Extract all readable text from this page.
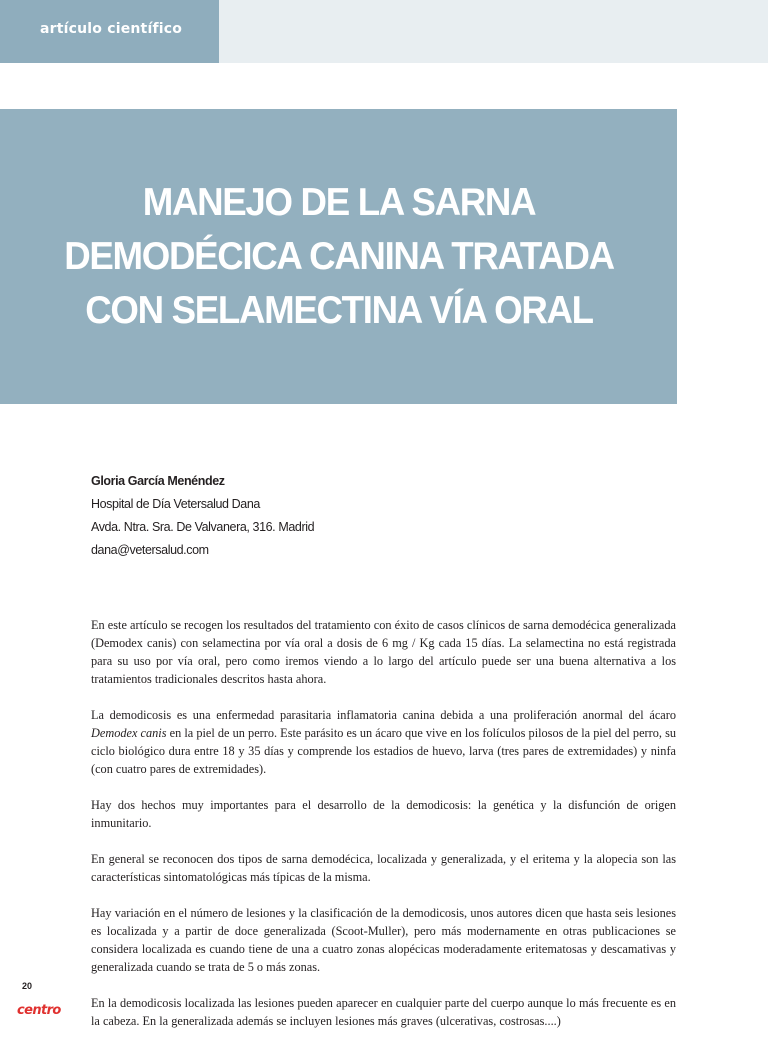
artículo científico
MANEJO DE LA SARNA
DEMODÉCICA CANINA TRATADA
CON SELAMECTINA VÍA ORAL
Gloria García Menéndez
Hospital de Día Vetersalud Dana
Avda. Ntra. Sra. De Valvanera, 316. Madrid
dana@vetersalud.com

En este artículo se recogen los resultados del tratamiento con éxito de casos clínicos de sarna demodécica generalizada (Demodex canis) con selamectina por vía oral a dosis de 6 mg / Kg cada 15 días. La selamectina no está registrada para su uso por vía oral, pero como iremos viendo a lo largo del artículo puede ser una buena alternativa a los tratamientos tradicionales descritos hasta ahora.

La demodicosis es una enfermedad parasitaria inflamatoria canina debida a una proliferación anormal del ácaro Demodex canis en la piel de un perro. Este parásito es un ácaro que vive en los folículos pilosos de la piel del perro, su ciclo biológico dura entre 18 y 35 días y comprende los estadios de huevo, larva (tres pares de extremidades) y ninfa (con cuatro pares de extremidades).

Hay dos hechos muy importantes para el desarrollo de la demodicosis: la genética y la disfunción de origen inmunitario.

En general se reconocen dos tipos de sarna demodécica, localizada y generalizada, y el eritema y la alopecia son las características sintomatológicas más típicas de la misma.

Hay variación en el número de lesiones y la clasificación de la demodicosis, unos autores dicen que hasta seis lesiones es localizada y a partir de doce generalizada (Scoot-Muller), pero más modernamente en otras publicaciones se considera localizada es cuando tiene de una a cuatro zonas alopécicas moderadamente eritematosas y descamativas y generalizada cuando se trata de 5 o más zonas.

En la demodicosis localizada las lesiones pueden aparecer en cualquier parte del cuerpo aunque lo más frecuente es en la cabeza. En la generalizada además se incluyen lesiones más graves (ulcerativas, costrosas....)

20
centro
